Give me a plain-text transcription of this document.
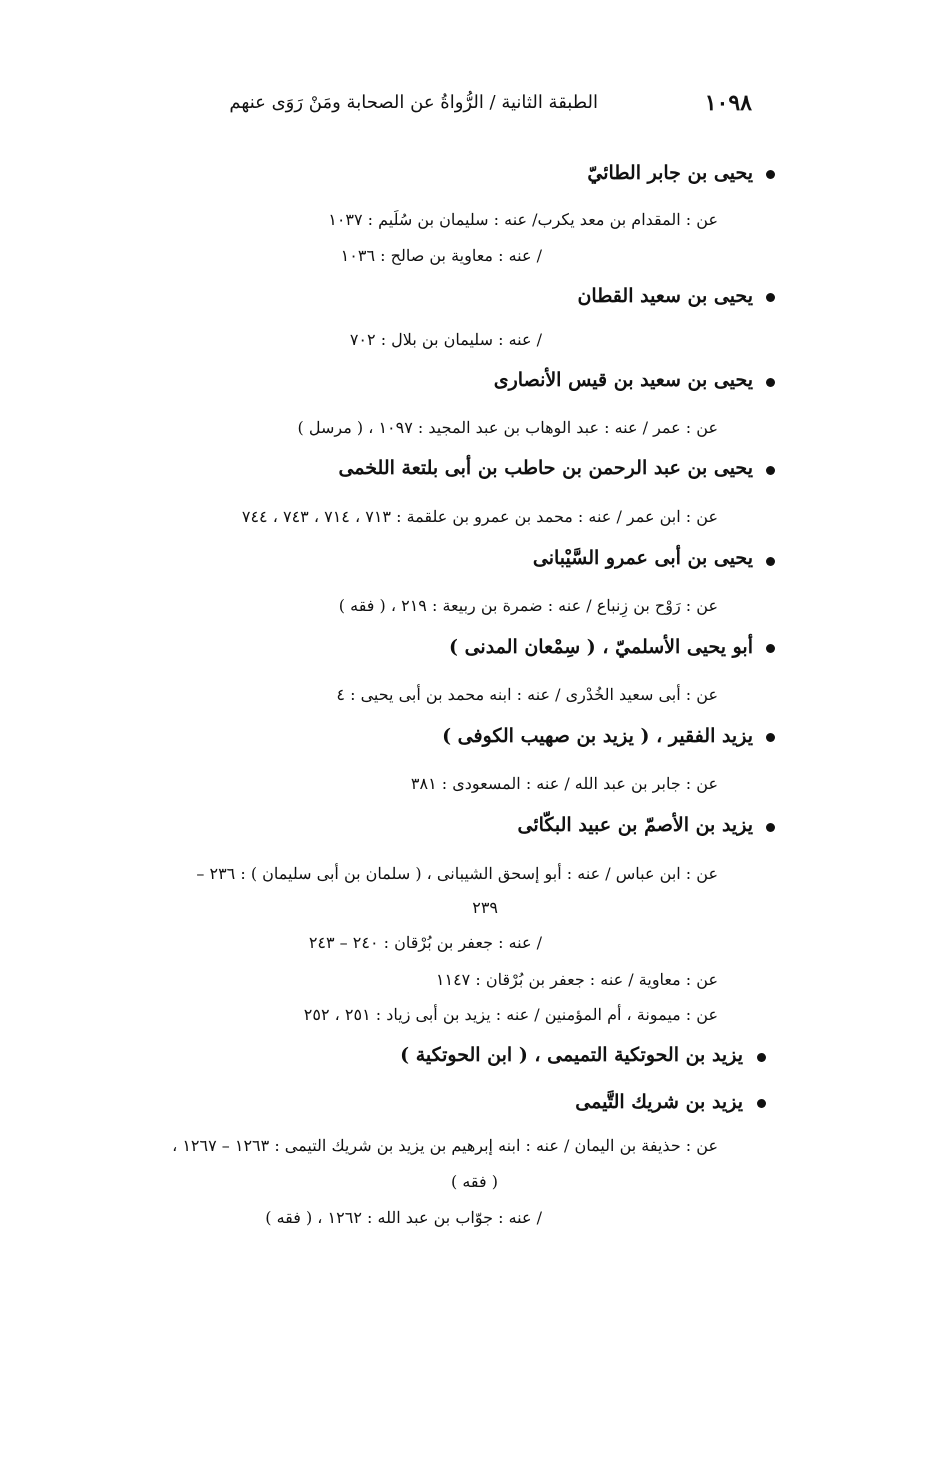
١٠٩٨
الطبقة الثانية / الرُّواةُ عن الصحابة ومَنْ رَوَى عنهم
يحيى بن جابر الطائيّ
عن : المقدام بن معد يكرب/ عنه : سليمان بن سُلَيم : ١٠٣٧
/ عنه : معاوية بن صالح : ١٠٣٦
يحيى بن سعيد القطان
/ عنه : سليمان بن بلال : ٧٠٢
يحيى بن سعيد بن قيس الأنصارى
عن : عمر / عنه : عبد الوهاب بن عبد المجيد : ١٠٩٧ ، ( مرسل )
يحيى بن عبد الرحمن بن حاطب بن أبى بلتعة اللخمى
عن : ابن عمر / عنه : محمد بن عمرو بن علقمة : ٧١٣ ، ٧١٤ ، ٧٤٣ ، ٧٤٤
يحيى بن أبى عمرو السَّيْبانى
عن : رَوْح بن زِنباع / عنه : ضمرة بن ربيعة : ٢١٩ ، ( فقه )
أبو يحيى الأسلميّ ، ( سِمْعان المدنى )
عن : أبى سعيد الخُدْرى / عنه : ابنه محمد بن أبى يحيى : ٤
يزيد الفقير ، ( يزيد بن صهيب الكوفى )
عن : جابر بن عبد الله / عنه : المسعودى : ٣٨١
يزيد بن الأصمّ بن عبيد البكّائى
عن : ابن عباس / عنه : أبو إسحق الشيبانى ، ( سلمان بن أبى سليمان ) : ٢٣٦ –
٢٣٩
/ عنه : جعفر بن بُرْقان : ٢٤٠ – ٢٤٣
عن : معاوية / عنه : جعفر بن بُرْقان : ١١٤٧
عن : ميمونة ، أم المؤمنين / عنه : يزيد بن أبى زياد : ٢٥١ ، ٢٥٢
يزيد بن الحوتكية التميمى ، ( ابن الحوتكية )
يزيد بن شريك التَّيمى
عن : حذيفة بن اليمان / عنه : ابنه إبرهيم بن يزيد بن شريك التيمى : ١٢٦٣ – ١٢٦٧ ،
( فقه )
/ عنه : جوّاب بن عبد الله : ١٢٦٢ ، ( فقه )
